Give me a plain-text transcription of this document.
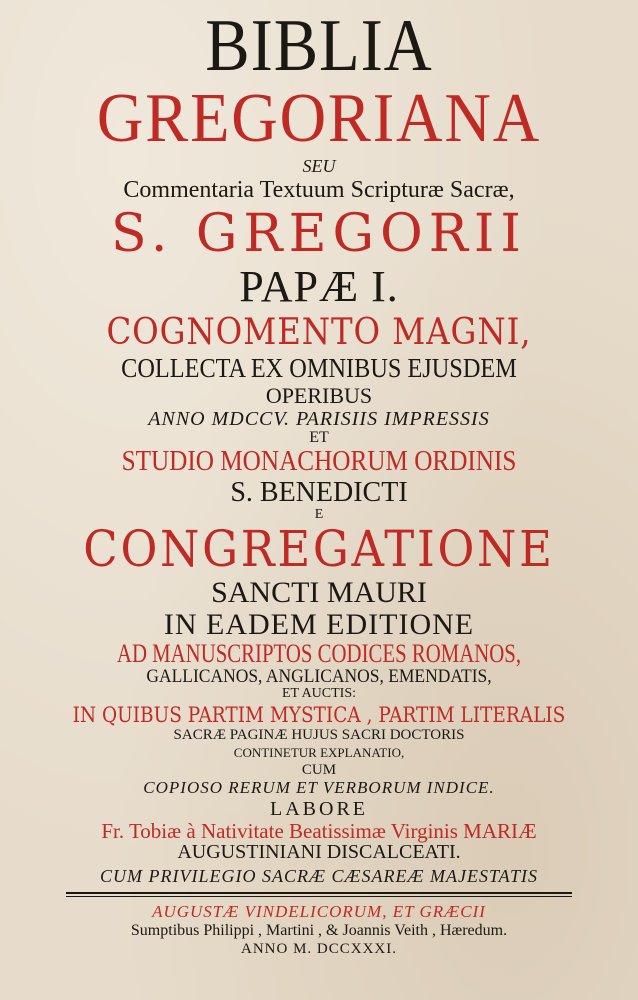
BIBLIA
GREGORIANA
SEU
Commentaria Textuum Scripturæ Sacræ,
S. GREGORII
PAPÆ I.
COGNOMENTO MAGNI,
COLLECTA EX OMNIBUS EJUSDEM
OPERIBUS
ANNO MDCCV. PARISIIS IMPRESSIS
ET
STUDIO MONACHORUM ORDINIS
S. BENEDICTI
E
CONGREGATIONE
SANCTI MAURI
IN EADEM EDITIONE
AD MANUSCRIPTOS CODICES ROMANOS,
GALLICANOS, ANGLICANOS, EMENDATIS,
ET AUCTIS:
IN QUIBUS PARTIM MYSTICA , PARTIM LITERALIS
SACRÆ PAGINÆ HUJUS SACRI DOCTORIS
CONTINETUR EXPLANATIO,
CUM
COPIOSO RERUM ET VERBORUM INDICE.
LABORE
Fr. Tobiæ à Nativitate Beatissimæ Virginis MARIÆ
AUGUSTINIANI DISCALCEATI.
CUM PRIVILEGIO SACRÆ CÆSAREÆ MAJESTATIS
AUGUSTÆ VINDELICORUM, ET GRÆCII
Sumptibus Philippi , Martini , & Joannis Veith , Hæredum.
ANNO M. DCCXXXI.
